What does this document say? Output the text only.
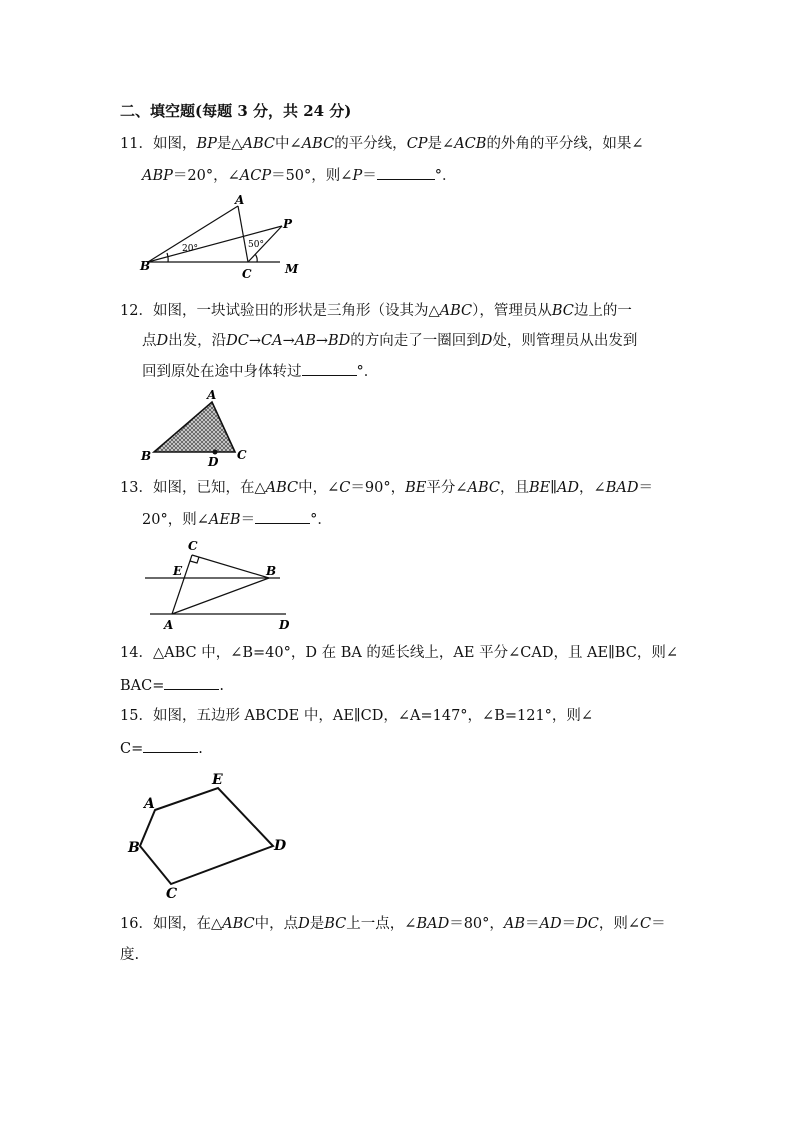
二、填空题(每题 3 分，共 24 分)
11．如图，BP是△ABC中∠ABC的平分线，CP是∠ACB的外角的平分线，如果∠
ABP＝20°，∠ACP＝50°，则∠P＝	°．
A
B
C
P
M
20°	50°
12．如图，一块试验田的形状是三角形（设其为△ABC），管理员从BC边上的一
点D出发，沿DC→CA→AB→BD的方向走了一圈回到D处，则管理员从出发到
回到原处在途中身体转过	°．
A
B	C
D
13．如图，已知，在△ABC中，∠C＝90°，BE平分∠ABC，且BE∥AD，∠BAD＝
20°，则∠AEB＝	°．
C
E	B
A	D
14．△ABC 中，∠B=40°，D 在 BA 的延长线上，AE 平分∠CAD，且 AE∥BC，则∠
BAC=	.
15．如图，五边形 ABCDE 中，AE∥CD，∠A=147°，∠B=121°，则∠
C=	.
E
A
B	D
C
16．如图，在△ABC中，点D是BC上一点，∠BAD＝80°，AB＝AD＝DC，则∠C＝
度.
